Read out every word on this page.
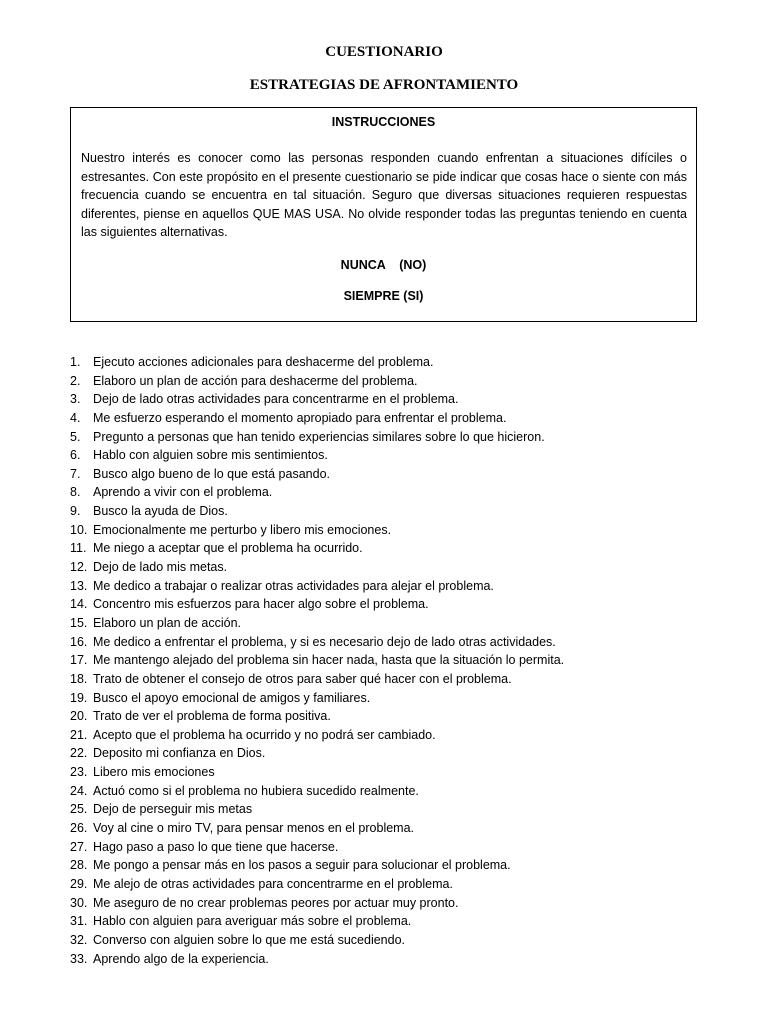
CUESTIONARIO
ESTRATEGIAS DE AFRONTAMIENTO

INSTRUCCIONES

Nuestro interés es conocer como las personas responden cuando enfrentan a situaciones difíciles o estresantes. Con este propósito en el presente cuestionario se pide indicar que cosas hace o siente con más frecuencia cuando se encuentra en tal situación. Seguro que diversas situaciones requieren respuestas diferentes, piense en aquellos QUE MAS USA. No olvide responder todas las preguntas teniendo en cuenta las siguientes alternativas.

NUNCA    (NO)

SIEMPRE (SI)

1.	Ejecuto acciones adicionales para deshacerme del problema.
2.	Elaboro un plan de acción para deshacerme del problema.
3.	Dejo de lado otras actividades para concentrarme en el problema.
4.	Me esfuerzo esperando el momento apropiado para enfrentar el problema.
5.	Pregunto a personas que han tenido experiencias similares sobre lo que hicieron.
6.	Hablo con alguien sobre mis sentimientos.
7.	Busco algo bueno de lo que está pasando.
8.	Aprendo a vivir con el problema.
9.	Busco la ayuda de Dios.
10. Emocionalmente me perturbo y libero mis emociones.
11. Me niego a aceptar que el problema ha ocurrido.
12. Dejo de lado mis metas.
13. Me dedico a trabajar o realizar otras actividades para alejar el problema.
14. Concentro mis esfuerzos para hacer algo sobre el problema.
15. Elaboro un plan de acción.
16. Me dedico a enfrentar el problema, y si es necesario dejo de lado otras actividades.
17. Me mantengo alejado del problema sin hacer nada, hasta que la situación lo permita.
18. Trato de obtener el consejo de otros para saber qué hacer con el problema.
19. Busco el apoyo emocional de amigos y familiares.
20. Trato de ver el problema de forma positiva.
21. Acepto que el problema ha ocurrido y no podrá ser cambiado.
22. Deposito mi confianza en Dios.
23. Libero mis emociones
24. Actuó como si el problema no hubiera sucedido realmente.
25. Dejo de perseguir mis metas
26. Voy al cine o miro TV, para pensar menos en el problema.
27. Hago paso a paso lo que tiene que hacerse.
28. Me pongo a pensar más en los pasos a seguir para solucionar el problema.
29. Me alejo de otras actividades para concentrarme en el problema.
30. Me aseguro de no crear problemas peores por actuar muy pronto.
31. Hablo con alguien para averiguar más sobre el problema.
32. Converso con alguien sobre lo que me está sucediendo.
33. Aprendo algo de la experiencia.
